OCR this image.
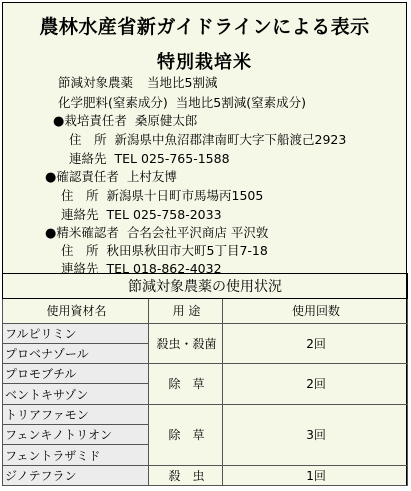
農林水産省新ガイドラインによる表示
特別栽培米
節減対象農薬 当地比5割減
化学肥料(窒素成分) 当地比5割減(窒素成分)
●栽培責任者 桑原健太郎
住　所 新潟県中魚沼郡津南町大字下船渡己2923
連絡先 TEL 025-765-1588
●確認責任者 上村友博
住　所 新潟県十日町市馬場丙1505
連絡先 TEL 025-758-2033
●精米確認者 合名会社平沢商店 平沢敦
住　所 秋田県秋田市大町5丁目7-18
連絡先 TEL 018-862-4032
節減対象農薬の使用状況		
使用資材名	用 途	使用回数
フルピリミン	殺虫・殺菌	2回
プロベナゾール		
プロモブチル	除　草	2回
ベントキサゾン		
トリアファモン	除　草	3回
フェンキノトリオン		
フェントラザミド		
ジノテフラン	殺　虫	1回
